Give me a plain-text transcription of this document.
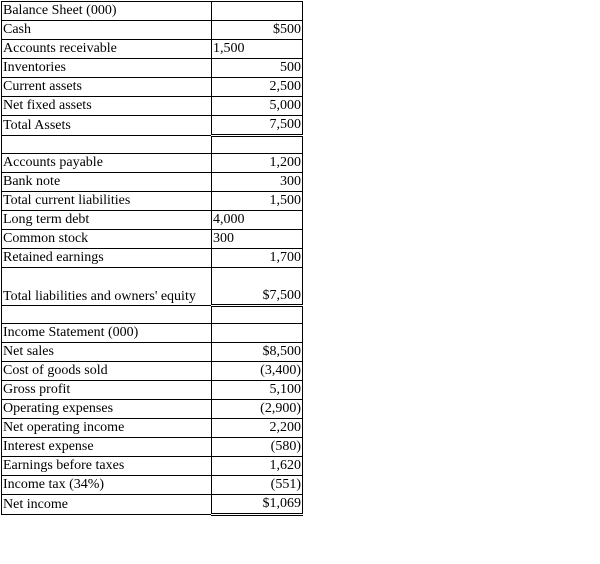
Balance Sheet (000)	
Cash	$500
Accounts receivable	1,500
Inventories	500
Current assets	2,500
Net fixed assets	5,000
Total Assets	7,500

Accounts payable	1,200
Bank note	300
Total current liabilities	1,500
Long term debt	4,000
Common stock	300
Retained earnings	1,700
Total liabilities and owners' equity	$7,500

Income Statement (000)	
Net sales	$8,500
Cost of goods sold	(3,400)
Gross profit	5,100
Operating expenses	(2,900)
Net operating income	2,200
Interest expense	(580)
Earnings before taxes	1,620
Income tax (34%)	(551)
Net income	$1,069
